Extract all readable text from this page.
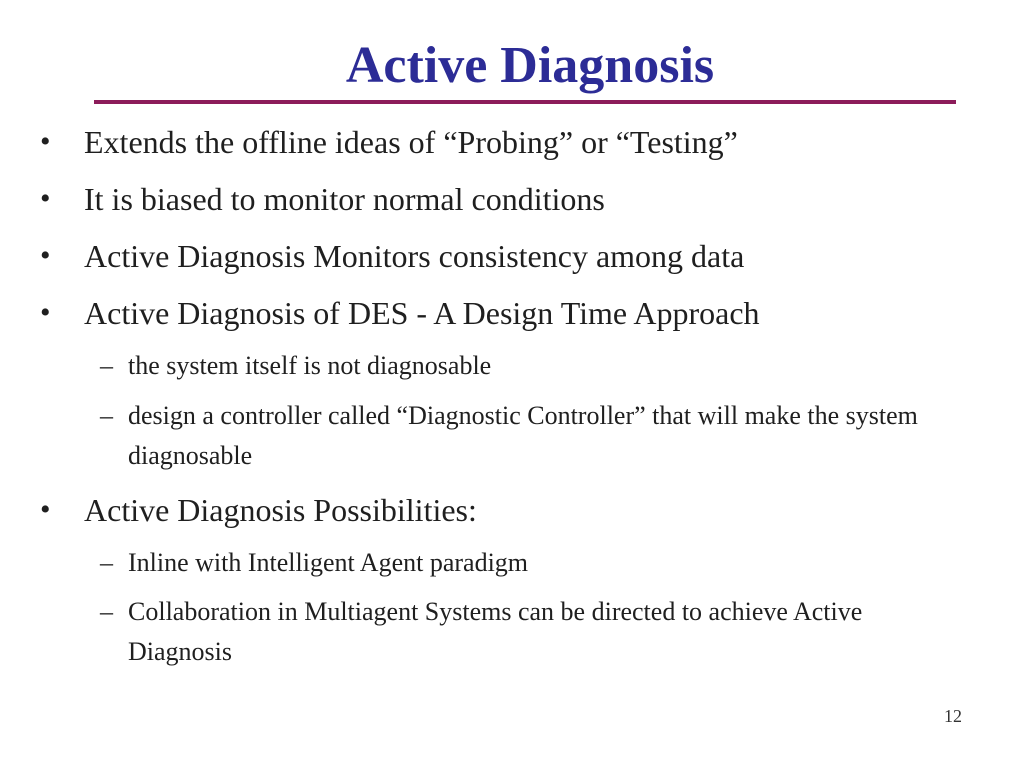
Active Diagnosis
• Extends the offline ideas of “Probing” or “Testing”
• It is biased to monitor normal conditions
• Active Diagnosis Monitors consistency among data
• Active Diagnosis of DES - A Design Time Approach
– the system itself is not diagnosable
– design a controller called “Diagnostic Controller” that will make the system diagnosable
• Active Diagnosis Possibilities:
– Inline with Intelligent Agent paradigm
– Collaboration in Multiagent Systems can be directed to achieve Active Diagnosis
12
